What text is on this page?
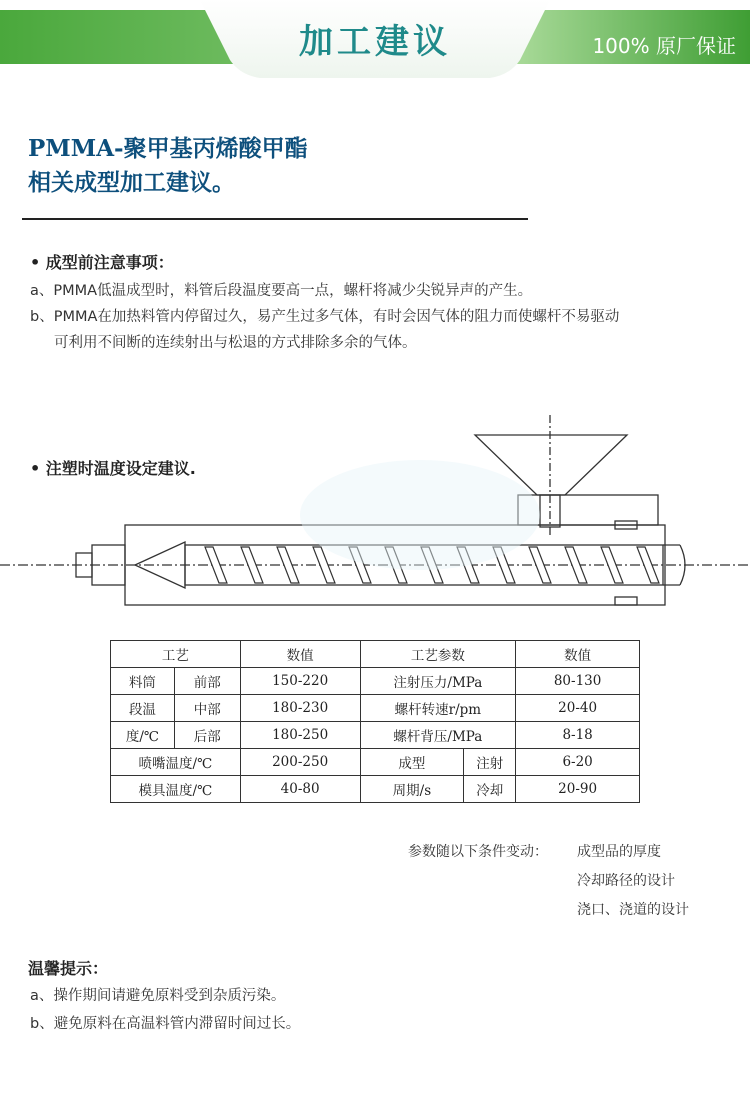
加工建议	100% 原厂保证
PMMA-聚甲基丙烯酸甲酯
相关成型加工建议。
• 成型前注意事项：
a、PMMA低温成型时，料管后段温度要高一点，螺杆将减少尖锐异声的产生。
b、PMMA在加热料管内停留过久，易产生过多气体，有时会因气体的阻力而使螺杆不易驱动
可利用不间断的连续射出与松退的方式排除多余的气体。
• 注塑时温度设定建议.
工艺		数值	工艺参数		数值
料筒	前部	150-220	注射压力/MPa		80-130
段温	中部	180-230	螺杆转速r/pm		20-40
度/℃	后部	180-250	螺杆背压/MPa		8-18
喷嘴温度/℃		200-250	成型	注射	6-20
模具温度/℃		40-80	周期/s	冷却	20-90
参数随以下条件变动： 成型品的厚度
冷却路径的设计
浇口、浇道的设计
温馨提示：
a、操作期间请避免原料受到杂质污染。
b、避免原料在高温料管内滞留时间过长。
